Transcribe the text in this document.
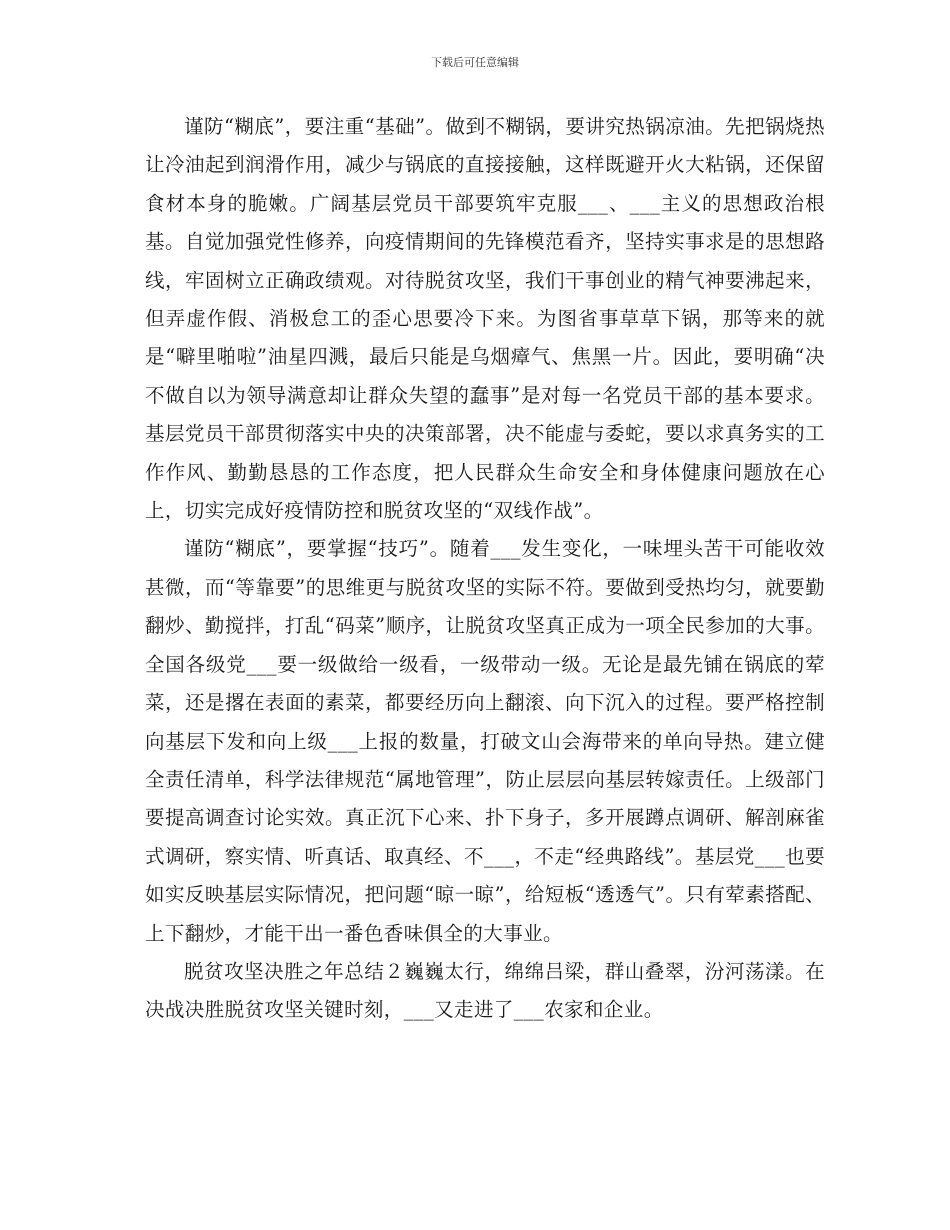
下载后可任意编辑

谨防“糊底”，要注重“基础”。做到不糊锅，要讲究热锅凉油。先把锅烧热让冷油起到润滑作用，减少与锅底的直接接触，这样既避开火大粘锅，还保留食材本身的脆嫩。广阔基层党员干部要筑牢克服___、___主义的思想政治根基。自觉加强党性修养，向疫情期间的先锋模范看齐，坚持实事求是的思想路线，牢固树立正确政绩观。对待脱贫攻坚，我们干事创业的精气神要沸起来，但弄虚作假、消极怠工的歪心思要冷下来。为图省事草草下锅，那等来的就是“噼里啪啦”油星四溅，最后只能是乌烟瘴气、焦黑一片。因此，要明确“决不做自以为领导满意却让群众失望的蠢事”是对每一名党员干部的基本要求。基层党员干部贯彻落实中央的决策部署，决不能虚与委蛇，要以求真务实的工作作风、勤勤恳恳的工作态度，把人民群众生命安全和身体健康问题放在心上，切实完成好疫情防控和脱贫攻坚的“双线作战”。

谨防“糊底”，要掌握“技巧”。随着___发生变化，一味埋头苦干可能收效甚微，而“等靠要”的思维更与脱贫攻坚的实际不符。要做到受热均匀，就要勤翻炒、勤搅拌，打乱“码菜”顺序，让脱贫攻坚真正成为一项全民参加的大事。全国各级党___要一级做给一级看，一级带动一级。无论是最先铺在锅底的荤菜，还是撂在表面的素菜，都要经历向上翻滚、向下沉入的过程。要严格控制向基层下发和向上级___上报的数量，打破文山会海带来的单向导热。建立健全责任清单，科学法律规范“属地管理”，防止层层向基层转嫁责任。上级部门要提高调查讨论实效。真正沉下心来、扑下身子，多开展蹲点调研、解剖麻雀式调研，察实情、听真话、取真经、不___，不走“经典路线”。基层党___也要如实反映基层实际情况，把问题“晾一晾”，给短板“透透气”。只有荤素搭配、上下翻炒，才能干出一番色香味俱全的大事业。

脱贫攻坚决胜之年总结２巍巍太行，绵绵吕梁，群山叠翠，汾河荡漾。在决战决胜脱贫攻坚关键时刻，___又走进了___农家和企业。
